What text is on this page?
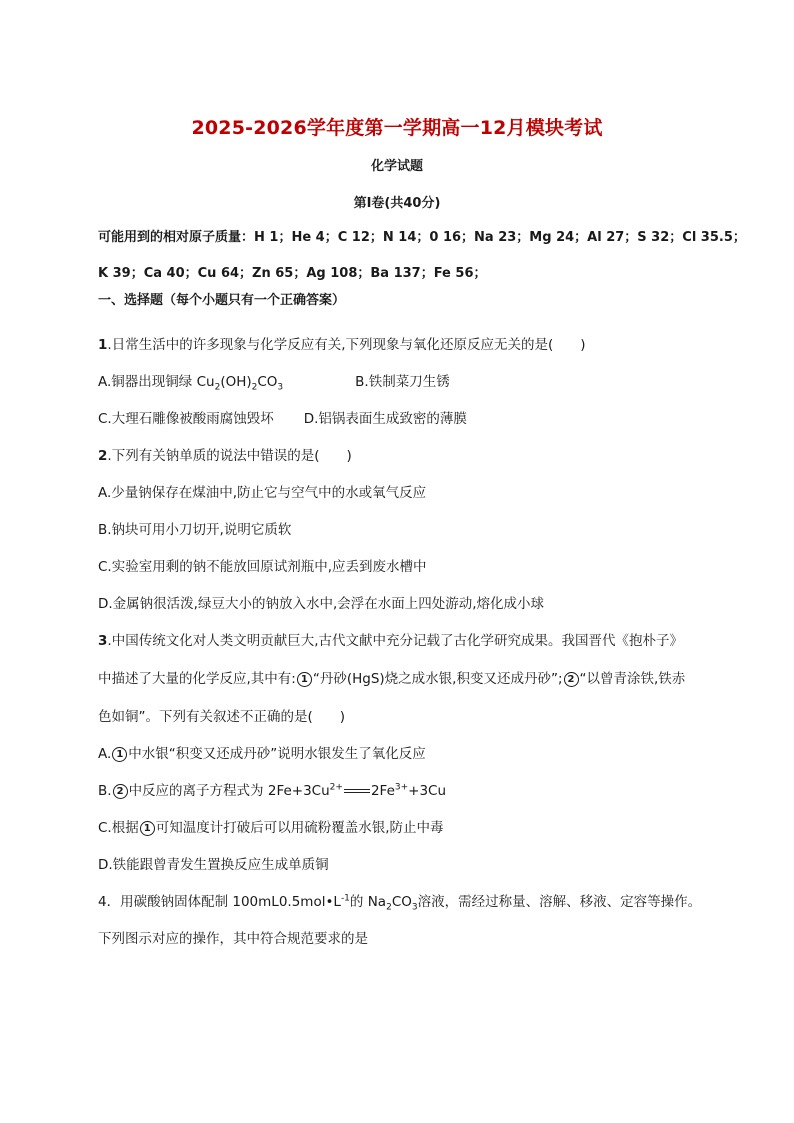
2025-2026学年度第一学期高一12月模块考试
化学试题
第Ⅰ卷(共40分)
可能用到的相对原子质量：H 1；He 4；C 12；N 14；0 16；Na 23；Mg 24；Al 27；S 32；Cl 35.5；
K 39；Ca 40；Cu 64；Zn 65；Ag 108；Ba 137；Fe 56；
一、选择题（每个小题只有一个正确答案）
1.日常生活中的许多现象与化学反应有关,下列现象与氧化还原反应无关的是(　　)
A.铜器出现铜绿 $Cu_2(OH)_2CO_3$	B.铁制菜刀生锈
C.大理石雕像被酸雨腐蚀毁坏 D.铝锅表面生成致密的薄膜
2.下列有关钠单质的说法中错误的是(　　)
A.少量钠保存在煤油中,防止它与空气中的水或氧气反应
B.钠块可用小刀切开,说明它质软
C.实验室用剩的钠不能放回原试剂瓶中,应丢到废水槽中
D.金属钠很活泼,绿豆大小的钠放入水中,会浮在水面上四处游动,熔化成小球
3.中国传统文化对人类文明贡献巨大,古代文献中充分记载了古化学研究成果。我国晋代《抱朴子》
中描述了大量的化学反应,其中有: 1 “丹砂(HgS)烧之成水银,积变又还成丹砂”; 2 “以曾青涂铁,铁赤
色如铜”。下列有关叙述不正确的是(　　)
A. 1 中水银“积变又还成丹砂”说明水银发生了氧化反应
B. 2 中反应的离子方程式为 $2Fe+3Cu^{2+}$ $2Fe^{3+}+3Cu$
C.根据 1 可知温度计打破后可以用硫粉覆盖水银,防止中毒
D.铁能跟曾青发生置换反应生成单质铜
4．用碳酸钠固体配制 $100mL0.5mol•L^{-1}$的 $Na_2CO_3$溶液，需经过称量、溶解、移液、定容等操作。
下列图示对应的操作，其中符合规范要求的是
